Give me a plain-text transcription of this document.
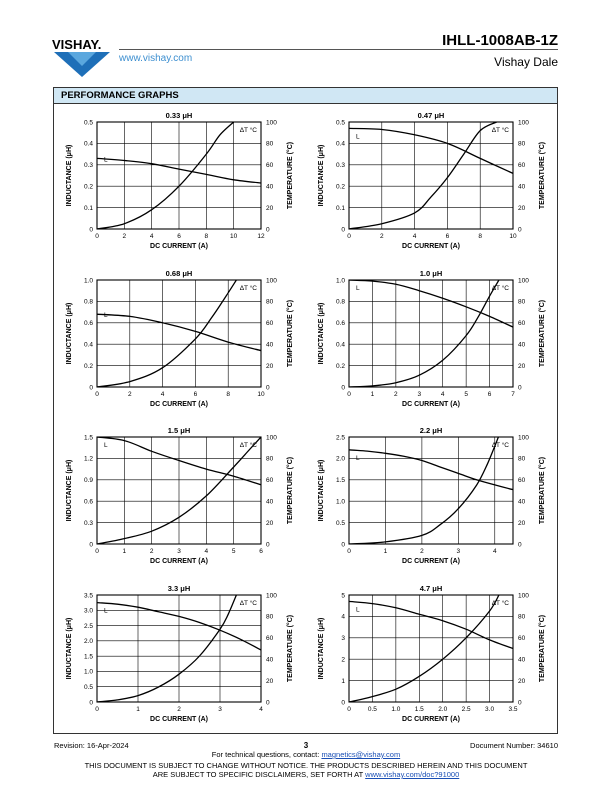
VISHAY.
www.vishay.com
IHLL-1008AB-1Z
Vishay Dale
PERFORMANCE GRAPHS
0.33 μH
0	2	4	6	8	10	12
0
0.1
0.2
0.3
0.4
0.5
0
20
40
60
80
100
DC CURRENT (A)
INDUCTANCE (μH)	TEMPERATURE (°C)
L
ΔT °C
0.47 μH
0	2	4	6	8	10
0
0.1
0.2
0.3
0.4
0.5
0
20
40
60
80
100
DC CURRENT (A)
INDUCTANCE (μH)	TEMPERATURE (°C)
L
ΔT °C
0.68 μH
0	2	4	6	8	10
0
0.2
0.4
0.6
0.8
1.0
0
20
40
60
80
100
DC CURRENT (A)
INDUCTANCE (μH)	TEMPERATURE (°C)
L
ΔT °C
1.0 μH
0	1	2	3	4	5	6	7
0
0.2
0.4
0.6
0.8
1.0
0
20
40
60
80
100
DC CURRENT (A)
INDUCTANCE (μH)	TEMPERATURE (°C)
L	ΔT °C
1.5 μH
0	1	2	3	4	5	6
0
0.3
0.6
0.9
1.2
1.5
0
20
40
60
80
100
DC CURRENT (A)
INDUCTANCE (μH)	TEMPERATURE (°C)
L	ΔT °C
2.2 μH
0	1	2	3	4
0
0.5
1.0
1.5
2.0
2.5
0
20
40
60
80
100
DC CURRENT (A)
INDUCTANCE (μH)	TEMPERATURE (°C)
L
ΔT °C
3.3 μH
0	1	2	3	4
0
0.5
1.0
1.5
2.0
2.5
3.0
3.5
0
20
40
60
80
100
DC CURRENT (A)
INDUCTANCE (μH)	TEMPERATURE (°C)
L
ΔT °C
4.7 μH
0	0.5 1.0 1.5 2.0 2.5 3.0 3.5
0
1
2
3
4
5
0
20
40
60
80
100
DC CURRENT (A)
INDUCTANCE (μH)	TEMPERATURE (°C)
L
ΔT °C
Revision: 16-Apr-2024	3	Document Number: 34610
For technical questions, contact: magnetics@vishay.com
THIS DOCUMENT IS SUBJECT TO CHANGE WITHOUT NOTICE. THE PRODUCTS DESCRIBED HEREIN AND THIS DOCUMENT
ARE SUBJECT TO SPECIFIC DISCLAIMERS, SET FORTH AT www.vishay.com/doc?91000
